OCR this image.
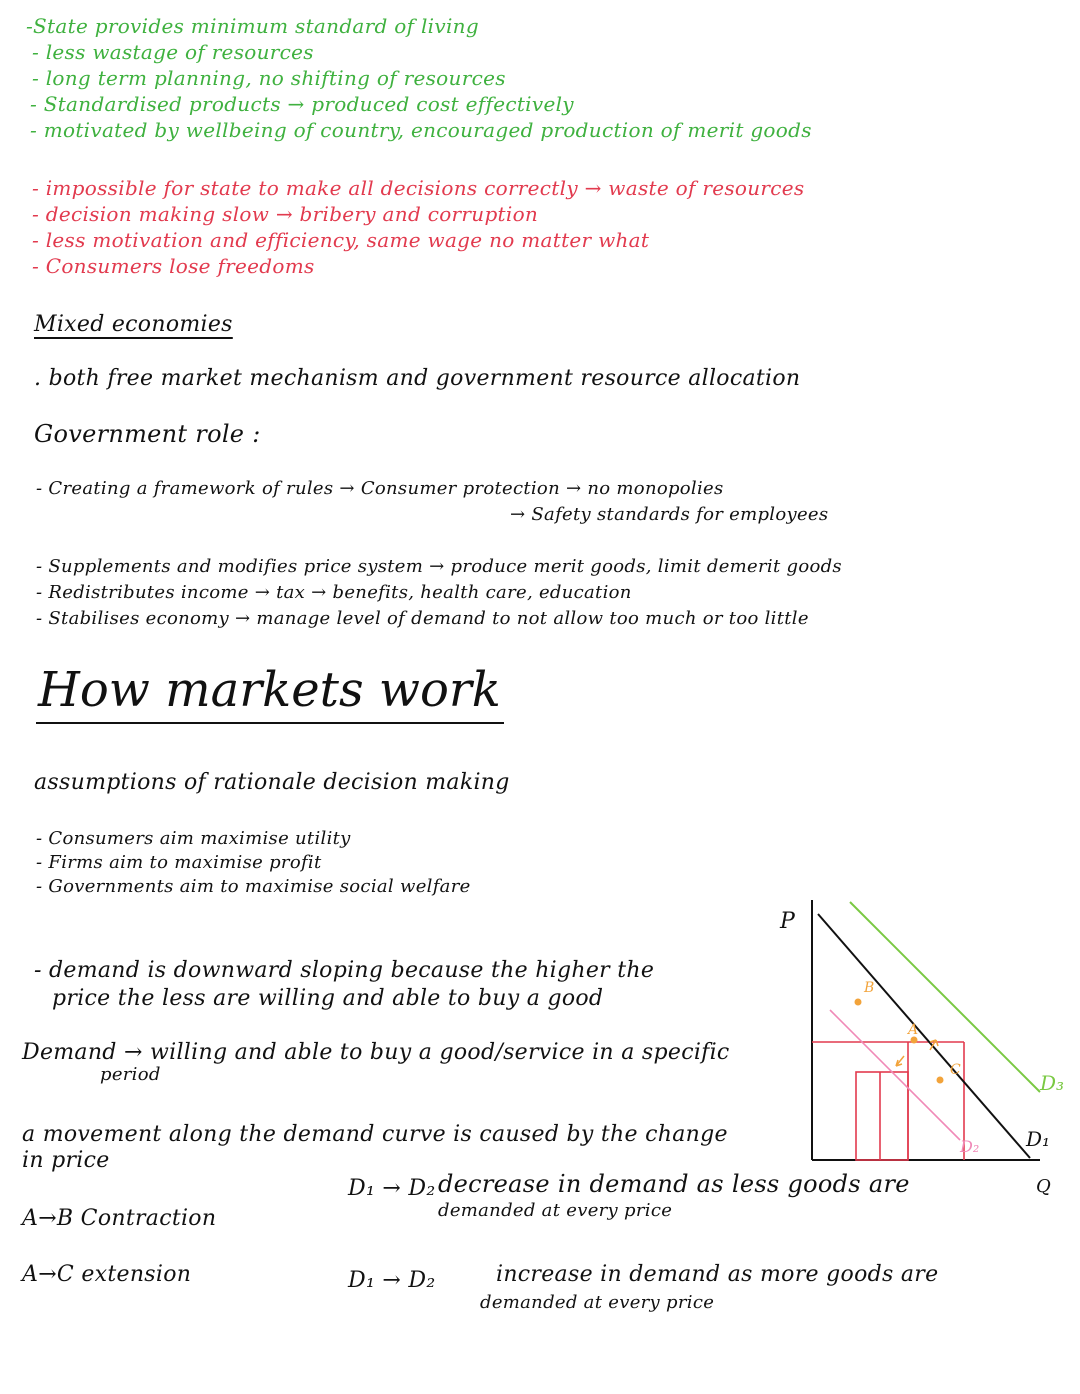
-State provides minimum standard of living
- less wastage of resources
- long term planning, no shifting of resources
- Standardised products → produced cost effectively
- motivated by wellbeing of country, encouraged production of merit goods
- impossible for state to make all decisions correctly → waste of resources
- decision making slow → bribery and corruption
- less motivation and efficiency, same wage no matter what
- Consumers lose freedoms
Mixed economies
. both free market mechanism and government resource allocation
Government role :
- Creating a framework of rules → Consumer protection → no monopolies
→ Safety standards for employees
- Supplements and modifies price system → produce merit goods, limit demerit goods
- Redistributes income → tax → benefits, health care, education
- Stabilises economy → manage level of demand to not allow too much or too little
How markets work
assumptions of rationale decision making
- Consumers aim maximise utility
- Firms aim to maximise profit
- Governments aim to maximise social welfare
- demand is downward sloping because the higher the
price the less are willing and able to buy a good
Demand → willing and able to buy a good/service in a specific
period
a movement along the demand curve is caused by the change
in price
A→B Contraction
A→C extension
D₁ → D₂ decrease in demand as less goods are
demanded at every price
D₁ → D₂	increase in demand as more goods are
demanded at every price
P
Q
D₃
D₁
D₂
B
A
C
